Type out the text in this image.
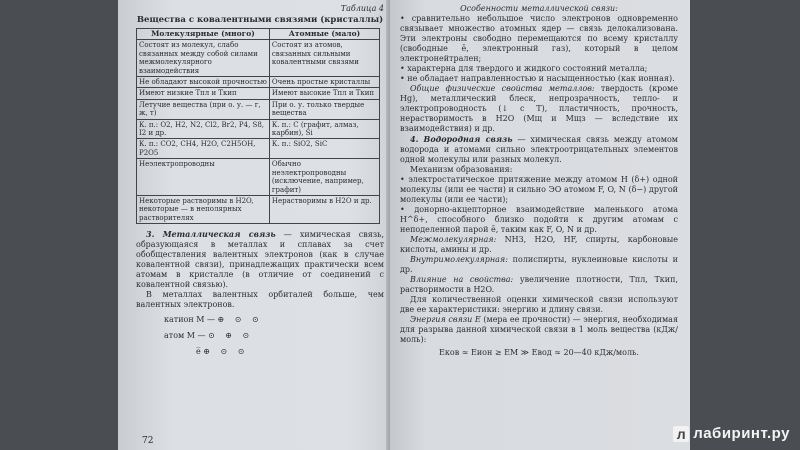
Таблица 4
Вещества с ковалентными связями (кристаллы)
Молекулярные (много)	Атомные (мало)
Состоят из молекул, слабо связанных между собой силами межмолекулярного взаимодействия	Состоят из атомов, связанных сильными ковалентными связями
Не обладают высокой прочностью	Очень простые кристаллы
Имеют низкие Tпл и Tкип	Имеют высокие Tпл и Tкип
Летучие вещества (при о. у. — г, ж, т)	При о. у. только твердые вещества
К. п.: O2, H2, N2, Cl2, Br2, P4, S8, I2 и др.	К. п.: C (графит, алмаз, карбин), Si
К. п.: CO2, CH4, H2O, C2H5OH, P2O5	К. п.: SiO2, SiC
Неэлектропроводны	Обычно неэлектропроводны (исключение, например, графит)
Некоторые растворимы в H2O, некоторые — в неполярных растворителях	Нерастворимы в H2O и др.

3. Металлическая связь — химическая связь, образующаяся в металлах и сплавах за счет обобществления валентных электронов (как в случае ковалентной связи), принадлежащих практически всем атомам в кристалле (в отличие от соединений с ковалентной связью).

В металлах валентных орбиталей больше, чем валентных электронов.

катион M — ⊕ ⊙ ⊙
атом M — ⊙ ⊕ ⊙
e̅ ⊕ ⊙ ⊙
72

Особенности металлической связи:

• сравнительно небольшое число электронов одновременно связывает множество атомных ядер — связь делокализована. Эти электроны свободно перемещаются по всему кристаллу (свободные ē, электронный газ), который в целом электронейтрален;

• характерна для твердого и жидкого состояний металла;

• не обладает направленностью и насыщенностью (как ионная).

Общие физические свойства металлов: твердость (кроме Hg), металлический блеск, непрозрачность, тепло- и электропроводность (↓ с T), пластичность, прочность, нерастворимость в H2O (Mщ и Mщз — вследствие их взаимодействия) и др.

4. Водородная связь — химическая связь между атомом водорода и атомами сильно электроотрицательных элементов одной молекулы или разных молекул.

Механизм образования:

• электростатическое притяжение между атомом H (δ+) одной молекулы (или ее части) и сильно ЭО атомом F, O, N (δ−) другой молекулы (или ее части);

• донорно-акцепторное взаимодействие маленького атома H^δ+, способного близко подойти к другим атомам с неподеленной парой ē, таким как F, O, N и др.

Межмолекулярная: NH3, H2O, HF, спирты, карбоновые кислоты, амины и др.

Внутримолекулярная: полиспирты, нуклеиновые кислоты и др.

Влияние на свойства: увеличение плотности, Tпл, Tкип, растворимости в H2O.

Для количественной оценки химической связи используют две ее характеристики: энергию и длину связи.

Энергия связи E (мера ее прочности) — энергия, необходимая для разрыва данной химической связи в 1 моль вещества (кДж/моль):

Eков ≈ Eион ≥ EM ≫ Eвод ≈ 20—40 кДж/моль.
л лабиринт.ру
